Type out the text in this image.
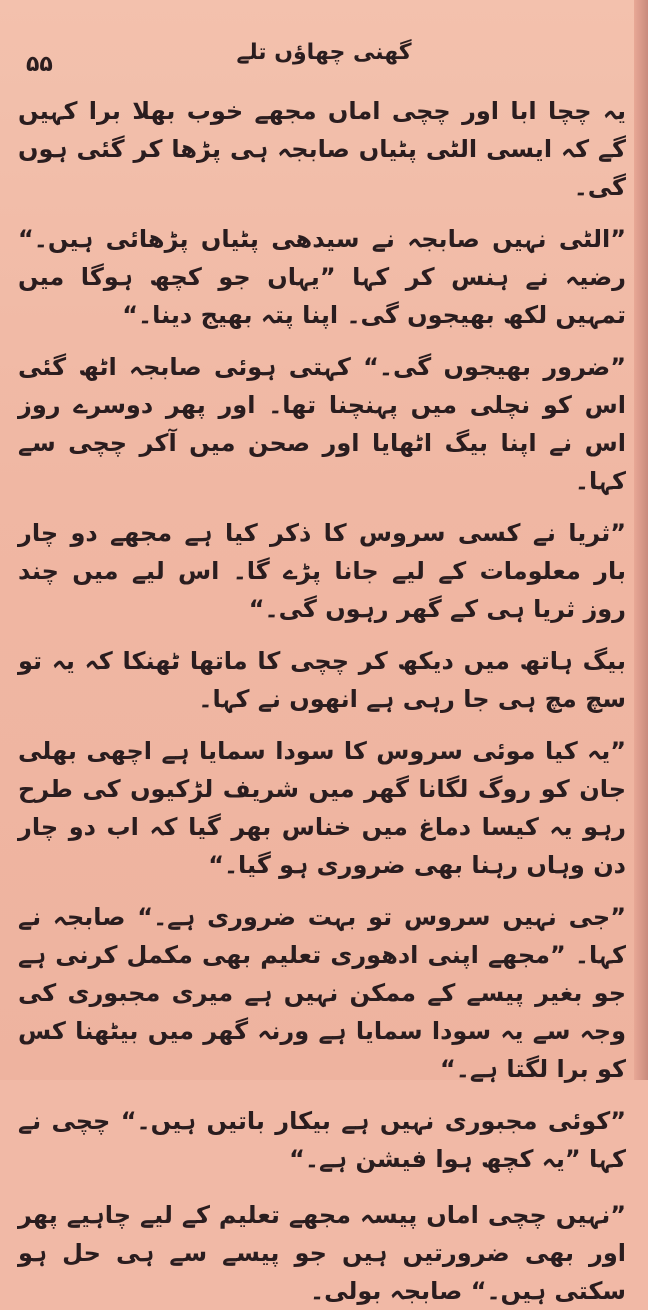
۵۵	گھنی چھاؤں تلے

یہ چچا ابا اور چچی اماں مجھے خوب بھلا برا کہیں گے کہ ایسی الٹی پٹیاں صابجہ ہی پڑھا کر گئی ہوں گی۔

”الٹی نہیں صابجہ نے سیدھی پٹیاں پڑھائی ہیں۔“ رضیہ نے ہنس کر کہا ”یہاں جو کچھ ہوگا میں تمہیں لکھ بھیجوں گی۔ اپنا پتہ بھیج دینا۔“

”ضرور بھیجوں گی۔“ کہتی ہوئی صابجہ اٹھ گئی اس کو نچلی میں پہنچنا تھا۔ اور پھر دوسرے روز اس نے اپنا بیگ اٹھایا اور صحن میں آکر چچی سے کہا۔

”ثریا نے کسی سروس کا ذکر کیا ہے مجھے دو چار بار معلومات کے لیے جانا پڑے گا۔ اس لیے میں چند روز ثریا ہی کے گھر رہوں گی۔“

بیگ ہاتھ میں دیکھ کر چچی کا ماتھا ٹھنکا کہ یہ تو سچ مچ ہی جا رہی ہے انھوں نے کہا۔

”یہ کیا موئی سروس کا سودا سمایا ہے اچھی بھلی جان کو روگ لگانا گھر میں شریف لڑکیوں کی طرح رہو یہ کیسا دماغ میں خناس بھر گیا کہ اب دو چار دن وہاں رہنا بھی ضروری ہو گیا۔“

”جی نہیں سروس تو بہت ضروری ہے۔“ صابجہ نے کہا۔ ”مجھے اپنی ادھوری تعلیم بھی مکمل کرنی ہے جو بغیر پیسے کے ممکن نہیں ہے میری مجبوری کی وجہ سے یہ سودا سمایا ہے ورنہ گھر میں بیٹھنا کس کو برا لگتا ہے۔“

”کوئی مجبوری نہیں ہے بیکار باتیں ہیں۔“ چچی نے کہا ”یہ کچھ ہوا فیشن ہے۔“

”نہیں چچی اماں پیسہ مجھے تعلیم کے لیے چاہیے پھر اور بھی ضرورتیں ہیں جو پیسے سے ہی حل ہو سکتی ہیں۔“ صابجہ بولی۔
